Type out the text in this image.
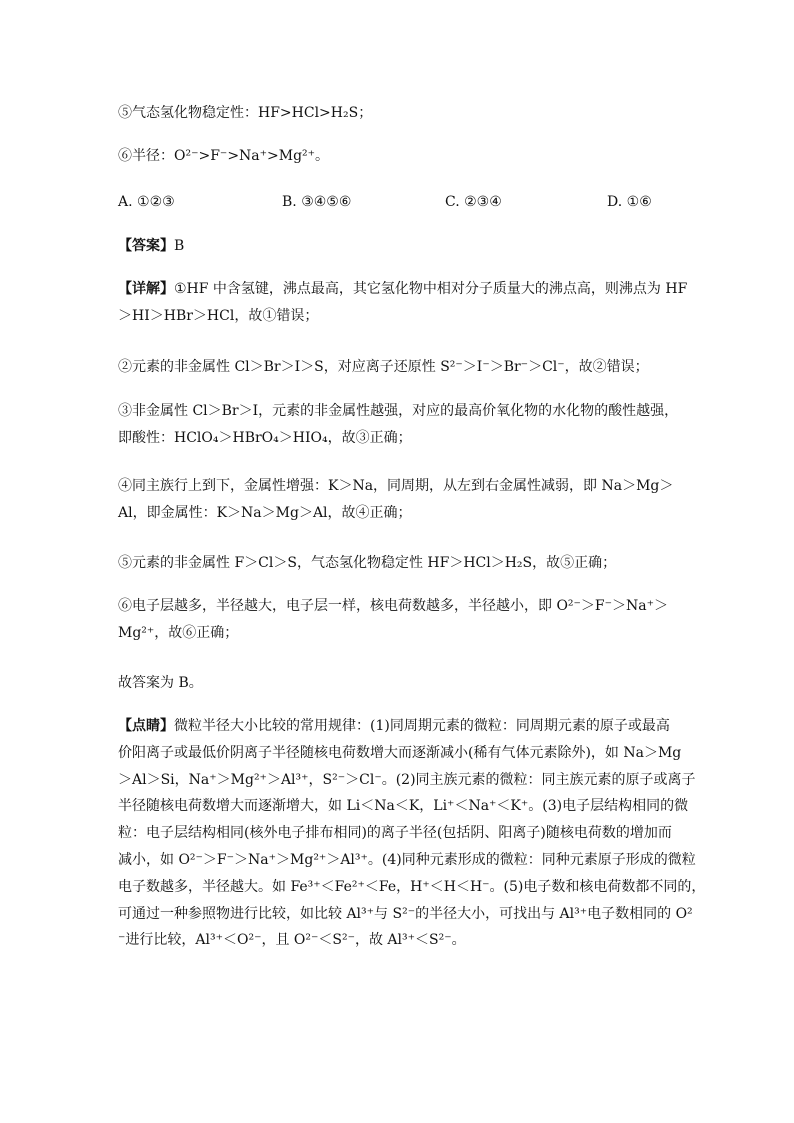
⑤气态氢化物稳定性：HF>HCl>H₂S；
⑥半径：O²⁻>F⁻>Na⁺>Mg²⁺。
A. ①②③	B. ③④⑤⑥	C. ②③④	D. ①⑥
【答案】B
【详解】①HF 中含氢键，沸点最高，其它氢化物中相对分子质量大的沸点高，则沸点为 HF
＞HI＞HBr＞HCl，故①错误；
②元素的非金属性 Cl＞Br＞I＞S，对应离子还原性 S²⁻＞I⁻＞Br⁻＞Cl⁻，故②错误；
③非金属性 Cl＞Br＞I，元素的非金属性越强，对应的最高价氧化物的水化物的酸性越强，
即酸性：HClO₄＞HBrO₄＞HIO₄，故③正确；
④同主族行上到下，金属性增强：K＞Na，同周期，从左到右金属性减弱，即 Na＞Mg＞
Al，即金属性：K＞Na＞Mg＞Al，故④正确；
⑤元素的非金属性 F＞Cl＞S，气态氢化物稳定性 HF＞HCl＞H₂S，故⑤正确；
⑥电子层越多，半径越大，电子层一样，核电荷数越多，半径越小，即 O²⁻＞F⁻＞Na⁺＞
Mg²⁺，故⑥正确；
故答案为 B。
【点睛】微粒半径大小比较的常用规律：(1)同周期元素的微粒：同周期元素的原子或最高
价阳离子或最低价阴离子半径随核电荷数增大而逐渐减小(稀有气体元素除外)，如 Na＞Mg
＞Al＞Si，Na⁺＞Mg²⁺＞Al³⁺，S²⁻＞Cl⁻。(2)同主族元素的微粒：同主族元素的原子或离子
半径随核电荷数增大而逐渐增大，如 Li＜Na＜K，Li⁺＜Na⁺＜K⁺。(3)电子层结构相同的微
粒：电子层结构相同(核外电子排布相同)的离子半径(包括阴、阳离子)随核电荷数的增加而
减小，如 O²⁻＞F⁻＞Na⁺＞Mg²⁺＞Al³⁺。(4)同种元素形成的微粒：同种元素原子形成的微粒
电子数越多，半径越大。如 Fe³⁺＜Fe²⁺＜Fe，H⁺＜H＜H⁻。(5)电子数和核电荷数都不同的，
可通过一种参照物进行比较，如比较 Al³⁺与 S²⁻的半径大小，可找出与 Al³⁺电子数相同的 O²
⁻进行比较，Al³⁺＜O²⁻，且 O²⁻＜S²⁻，故 Al³⁺＜S²⁻。
